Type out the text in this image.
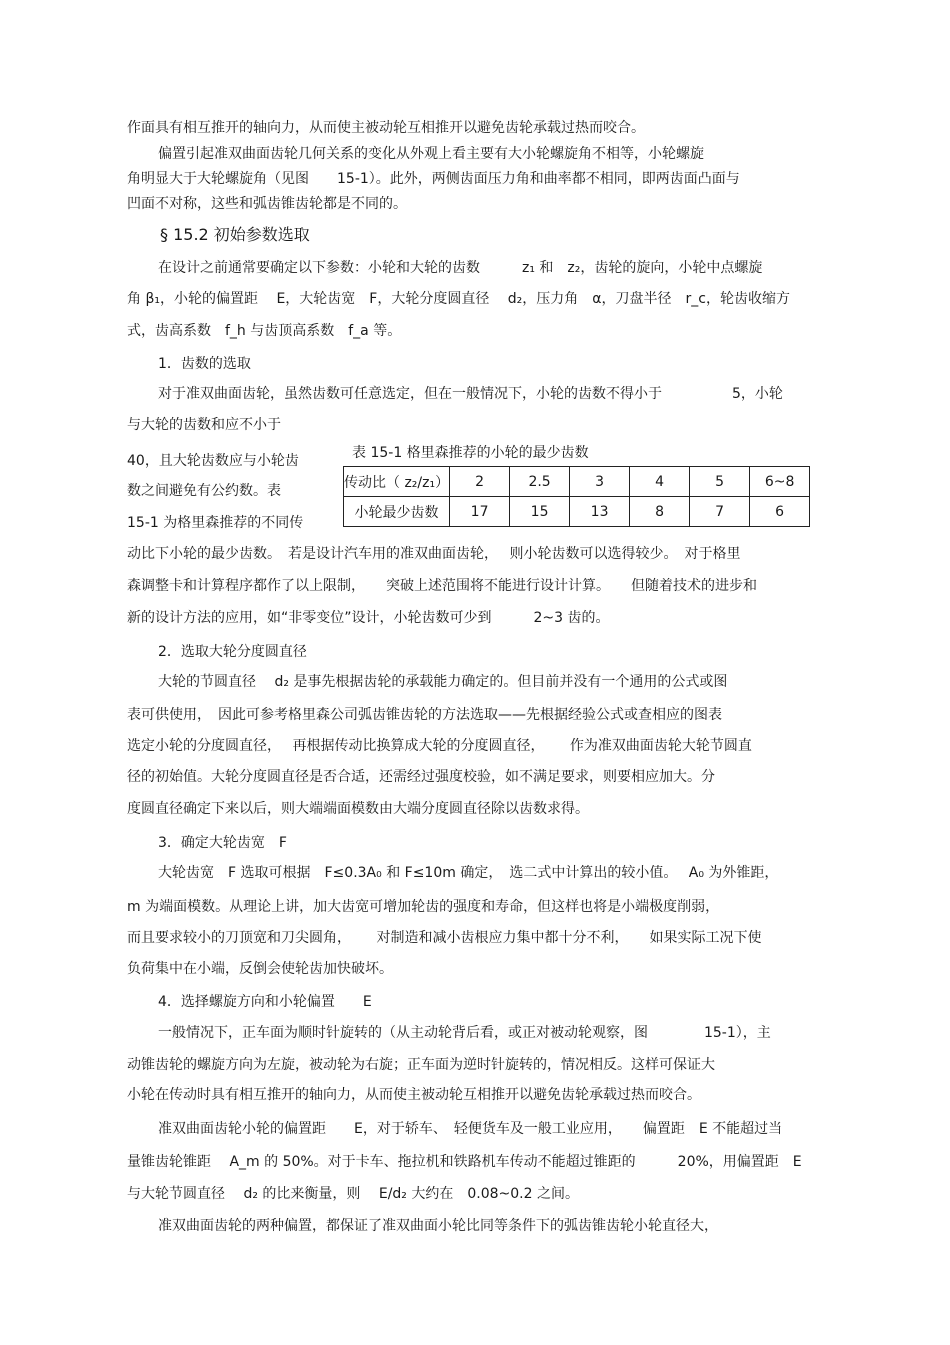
作面具有相互推开的轴向力，从而使主被动轮互相推开以避免齿轮承载过热而咬合。
偏置引起准双曲面齿轮几何关系的变化从外观上看主要有大小轮螺旋角不相等，小轮螺旋
角明显大于大轮螺旋角（见图　　15-1）。此外，两侧齿面压力角和曲率都不相同，即两齿面凸面与
凹面不对称，这些和弧齿锥齿轮都是不同的。
§ 15.2 初始参数选取
在设计之前通常要确定以下参数：小轮和大轮的齿数　　　z₁ 和　z₂，齿轮的旋向，小轮中点螺旋
角 β₁，小轮的偏置距　 E，大轮齿宽　F，大轮分度圆直径　 d₂，压力角　α，刀盘半径　r_c，轮齿收缩方
式，齿高系数　f_h 与齿顶高系数　f_a 等。
1．齿数的选取
对于准双曲面齿轮，虽然齿数可任意选定，但在一般情况下，小轮的齿数不得小于　　　　　5，小轮
与大轮的齿数和应不小于
40，且大轮齿数应与小轮齿
数之间避免有公约数。表
15-1 为格里森推荐的不同传
动比下小轮的最少齿数。　若是设计汽车用的准双曲面齿轮，　 则小轮齿数可以选得较少。　对于格里
森调整卡和计算程序都作了以上限制，　　突破上述范围将不能进行设计计算。　　但随着技术的进步和
新的设计方法的应用，如“非零变位”设计，小轮齿数可少到　　　2~3 齿的。
表 15-1 格里森推荐的小轮的最少齿数
传动比（ z₂/z₁）	2	2.5	3	4	5	6~8
小轮最少齿数	17	15	13	8	7	6
2．选取大轮分度圆直径
大轮的节圆直径　 d₂ 是事先根据齿轮的承载能力确定的。但目前并没有一个通用的公式或图
表可供使用，　因此可参考格里森公司弧齿锥齿轮的方法选取——先根据经验公式或查相应的图表
选定小轮的分度圆直径，　 再根据传动比换算成大轮的分度圆直径，　　 作为准双曲面齿轮大轮节圆直
径的初始值。大轮分度圆直径是否合适，还需经过强度校验，如不满足要求，则要相应加大。分
度圆直径确定下来以后，则大端端面模数由大端分度圆直径除以齿数求得。
3．确定大轮齿宽　F
大轮齿宽　F 选取可根据　F≤0.3A₀ 和 F≤10m 确定，　选二式中计算出的较小值。　 A₀ 为外锥距，
m 为端面模数。从理论上讲，加大齿宽可增加轮齿的强度和寿命，但这样也将是小端极度削弱，
而且要求较小的刀顶宽和刀尖圆角，　　 对制造和减小齿根应力集中都十分不利，　　如果实际工况下使
负荷集中在小端，反倒会使轮齿加快破坏。
4．选择螺旋方向和小轮偏置　　E
一般情况下，正车面为顺时针旋转的（从主动轮背后看，或正对被动轮观察，图　　　　15-1），主
动锥齿轮的螺旋方向为左旋，被动轮为右旋；正车面为逆时针旋转的，情况相反。这样可保证大
小轮在传动时具有相互推开的轴向力，从而使主被动轮互相推开以避免齿轮承载过热而咬合。
准双曲面齿轮小轮的偏置距　　E，对于轿车、　轻便货车及一般工业应用，　　偏置距　E 不能超过当
量锥齿轮锥距　 A_m 的 50%。对于卡车、拖拉机和铁路机车传动不能超过锥距的　　　20%，用偏置距　E
与大轮节圆直径　 d₂ 的比来衡量，则　 E/d₂ 大约在　0.08~0.2 之间。
准双曲面齿轮的两种偏置，都保证了准双曲面小轮比同等条件下的弧齿锥齿轮小轮直径大，
